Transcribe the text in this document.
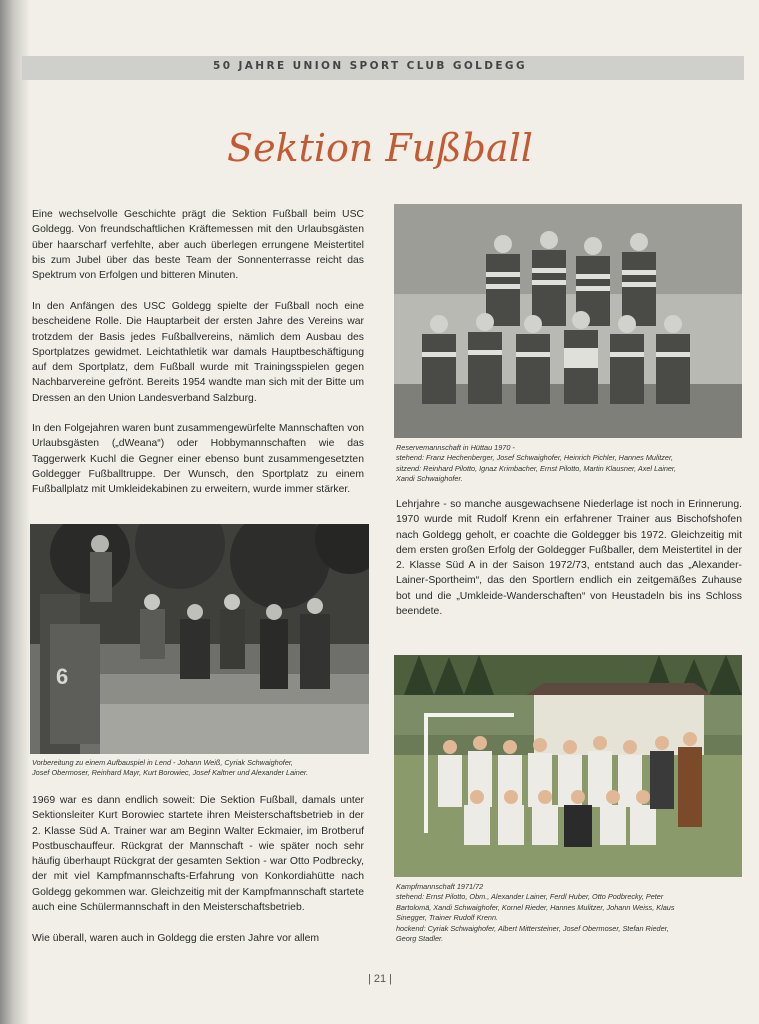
50 JAHRE UNION SPORT CLUB GOLDEGG
Sektion Fußball

Eine wechselvolle Geschichte prägt die Sektion Fußball beim USC Goldegg. Von freundschaftlichen Kräftemessen mit den Urlaubsgästen über haarscharf verfehlte, aber auch überlegen errungene Meistertitel bis zum Jubel über das beste Team der Sonnenterrasse reicht das Spektrum von Erfolgen und bitteren Minuten.

In den Anfängen des USC Goldegg spielte der Fußball noch eine bescheidene Rolle. Die Hauptarbeit der ersten Jahre des Vereins war trotzdem der Basis jedes Fußballvereins, nämlich dem Ausbau des Sportplatzes gewidmet. Leichtathletik war damals Hauptbeschäftigung auf dem Sportplatz, dem Fußball wurde mit Trainingsspielen gegen Nachbarvereine gefrönt. Bereits 1954 wandte man sich mit der Bitte um Dressen an den Union Landesverband Salzburg.

In den Folgejahren waren bunt zusammengewürfelte Mannschaften von Urlaubsgästen („dWeana“) oder Hobbymannschaften wie das Taggerwerk Kuchl die Gegner einer ebenso bunt zusammengesetzten Goldegger Fußballtruppe. Der Wunsch, den Sportplatz zu einem Fußballplatz mit Umkleidekabinen zu erweitern, wurde immer stärker.

6

Vorbereitung zu einem Aufbauspiel in Lend - Johann Weiß, Cyriak Schwaighofer,
Josef Obermoser, Reinhard Mayr, Kurt Borowiec, Josef Kaltner und Alexander Lainer.

1969 war es dann endlich soweit: Die Sektion Fußball, damals unter Sektionsleiter Kurt Borowiec startete ihren Meisterschaftsbetrieb in der 2. Klasse Süd A. Trainer war am Beginn Walter Eckmaier, im Brotberuf Postbuschauffeur. Rückgrat der Mannschaft - wie später noch sehr häufig überhaupt Rückgrat der gesamten Sektion - war Otto Podbrecky, der mit viel Kampfmannschafts-Erfahrung von Konkordiahütte nach Goldegg gekommen war. Gleichzeitig mit der Kampfmannschaft startete auch eine Schülermannschaft in den Meisterschaftsbetrieb.

Wie überall, waren auch in Goldegg die ersten Jahre vor allem

Reservemannschaft in Hüttau 1970 -
stehend: Franz Hechenberger, Josef Schwaighofer, Heinrich Pichler, Hannes Mulitzer,
sitzend: Reinhard Pilotto, Ignaz Krimbacher, Ernst Pilotto, Martin Klausner, Axel Lainer,
Xandi Schwaighofer.

Lehrjahre - so manche ausgewachsene Niederlage ist noch in Erinnerung. 1970 wurde mit Rudolf Krenn ein erfahrener Trainer aus Bischofshofen nach Goldegg geholt, er coachte die Goldegger bis 1972. Gleichzeitig mit dem ersten großen Erfolg der Goldegger Fußballer, dem Meistertitel in der 2. Klasse Süd A in der Saison 1972/73, entstand auch das „Alexander-Lainer-Sportheim“, das den Sportlern endlich ein zeitgemäßes Zuhause bot und die „Umkleide-Wanderschaften“ von Heustadeln bis ins Schloss beendete.

Kampfmannschaft 1971/72
stehend: Ernst Pilotto, Obm., Alexander Lainer, Ferdl Huber, Otto Podbrecky, Peter
Bartolomä, Xandi Schwaighofer, Kornel Rieder, Hannes Mulitzer, Johann Weiss, Klaus
Sinegger, Trainer Rudolf Krenn.
hockend: Cyriak Schwaighofer, Albert Mittersteiner, Josef Obermoser, Stefan Rieder,
Georg Stadler.

| 21 |
